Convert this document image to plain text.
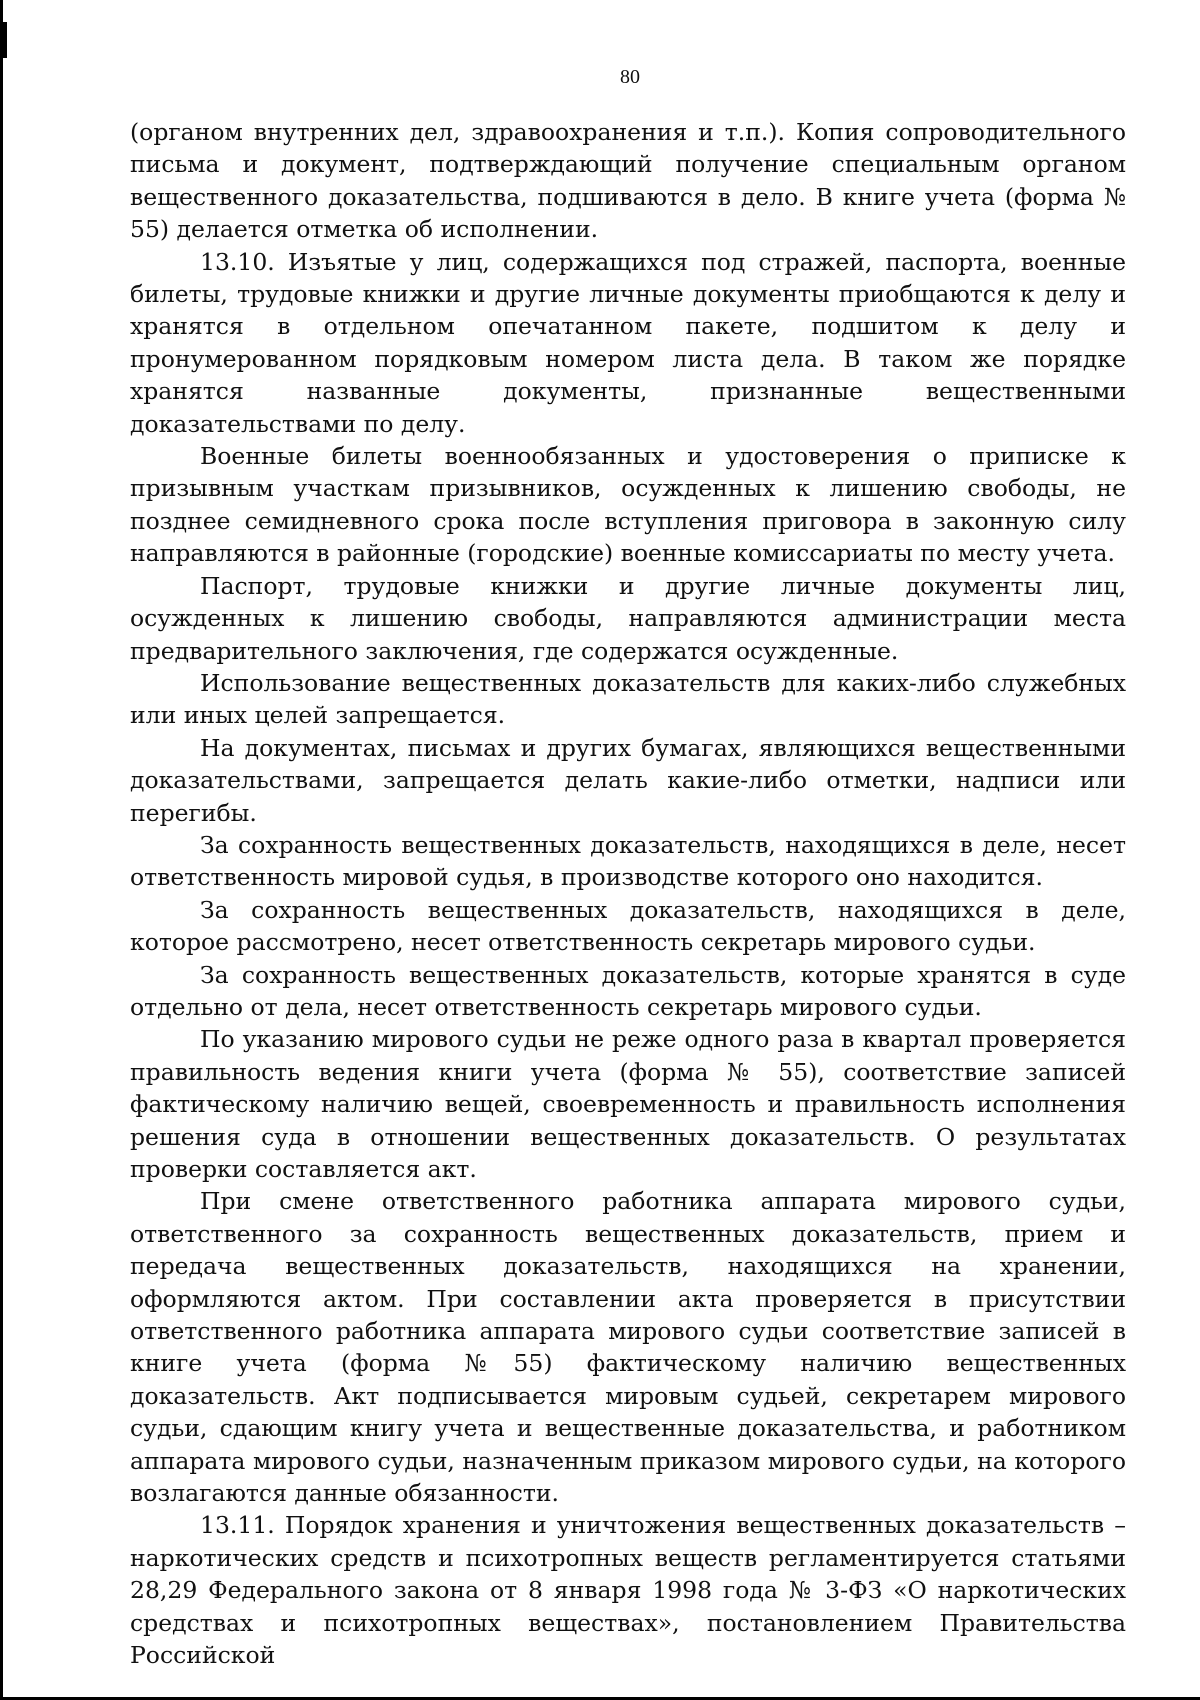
80

(органом внутренних дел, здравоохранения и т.п.). Копия сопроводительного письма и документ, подтверждающий получение специальным органом вещественного доказательства, подшиваются в дело. В книге учета (форма № 55) делается отметка об исполнении.

13.10. Изъятые у лиц, содержащихся под стражей, паспорта, военные билеты, трудовые книжки и другие личные документы приобщаются к делу и хранятся в отдельном опечатанном пакете, подшитом к делу и пронумерованном порядковым номером листа дела. В таком же порядке хранятся названные документы, признанные вещественными доказательствами по делу.

Военные билеты военнообязанных и удостоверения о приписке к призывным участкам призывников, осужденных к лишению свободы, не позднее семидневного срока после вступления приговора в законную силу направляются в районные (городские) военные комиссариаты по месту учета.

Паспорт, трудовые книжки и другие личные документы лиц, осужденных к лишению свободы, направляются администрации места предварительного заключения, где содержатся осужденные.

Использование вещественных доказательств для каких-либо служебных или иных целей запрещается.

На документах, письмах и других бумагах, являющихся вещественными доказательствами, запрещается делать какие-либо отметки, надписи или перегибы.

За сохранность вещественных доказательств, находящихся в деле, несет ответственность мировой судья, в производстве которого оно находится.

За сохранность вещественных доказательств, находящихся в деле, которое рассмотрено, несет ответственность секретарь мирового судьи.

За сохранность вещественных доказательств, которые хранятся в суде отдельно от дела, несет ответственность секретарь мирового судьи.

По указанию мирового судьи не реже одного раза в квартал проверяется правильность ведения книги учета (форма № 55), соответствие записей фактическому наличию вещей, своевременность и правильность исполнения решения суда в отношении вещественных доказательств. О результатах проверки составляется акт.

При смене ответственного работника аппарата мирового судьи, ответственного за сохранность вещественных доказательств, прием и передача вещественных доказательств, находящихся на хранении, оформляются актом. При составлении акта проверяется в присутствии ответственного работника аппарата мирового судьи соответствие записей в книге учета (форма №55) фактическому наличию вещественных доказательств. Акт подписывается мировым судьей, секретарем мирового судьи, сдающим книгу учета и вещественные доказательства, и работником аппарата мирового судьи, назначенным приказом мирового судьи, на которого возлагаются данные обязанности.

13.11. Порядок хранения и уничтожения вещественных доказательств – наркотических средств и психотропных веществ регламентируется статьями 28,29 Федерального закона от 8 января 1998 года № 3-ФЗ «О наркотических средствах и психотропных веществах», постановлением Правительства Российской
